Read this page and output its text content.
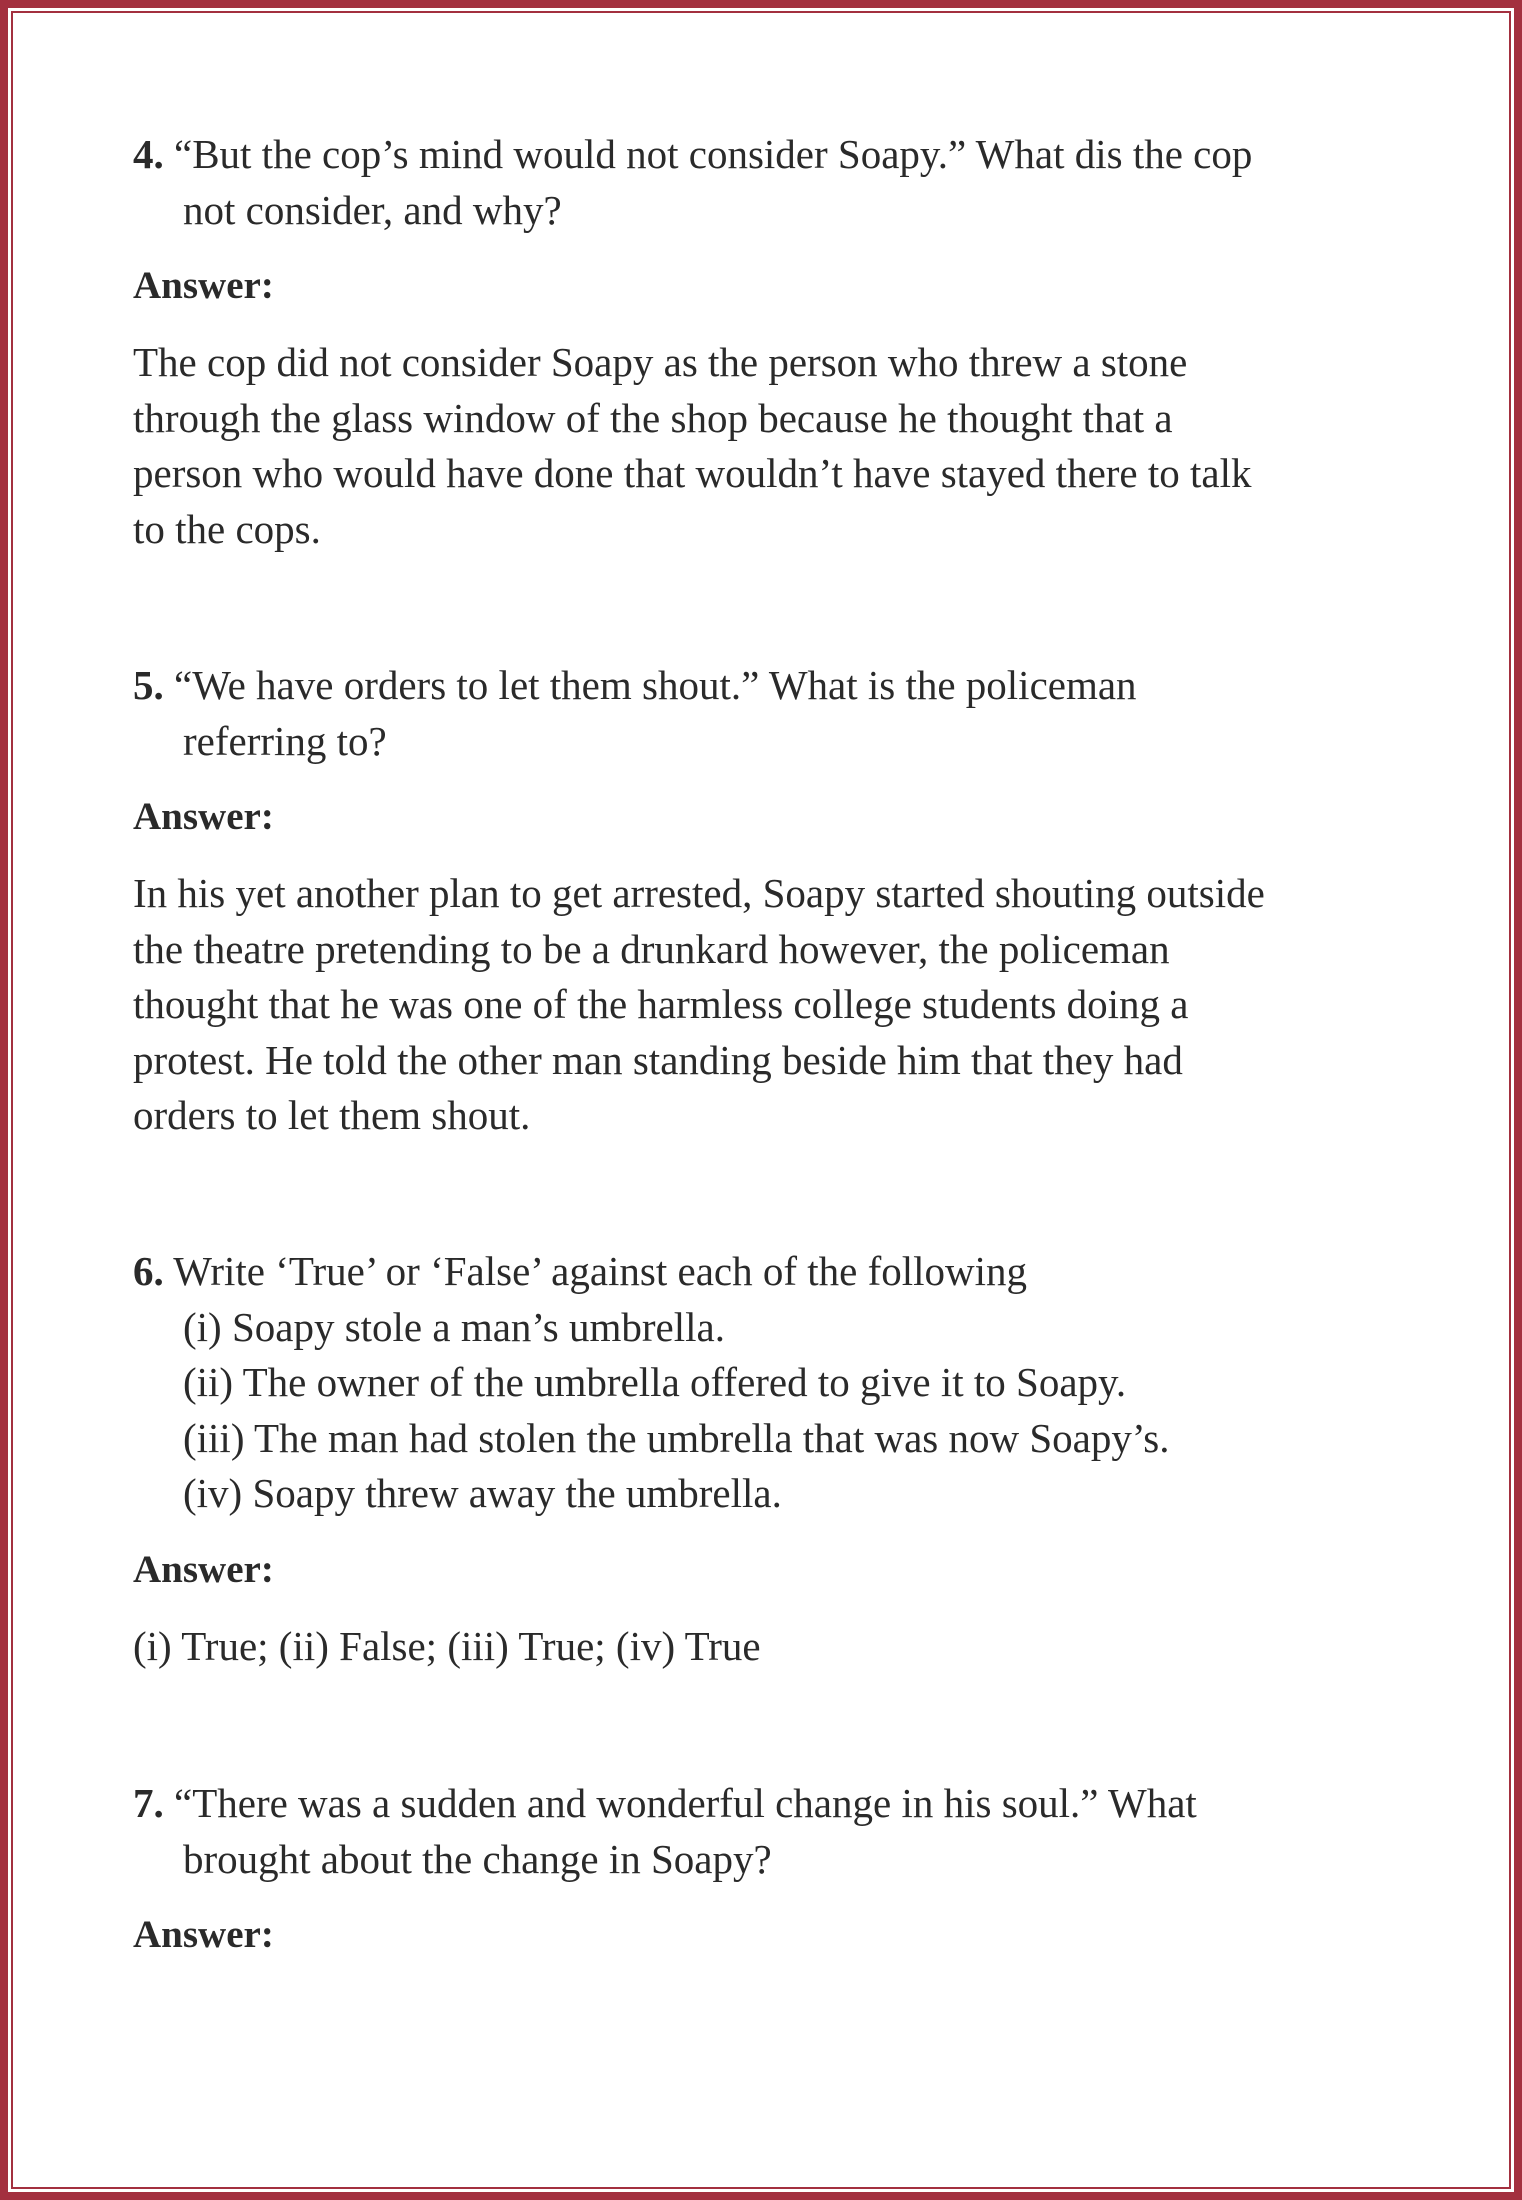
4. “But the cop’s mind would not consider Soapy.” What dis the cop
not consider, and why?
Answer:
The cop did not consider Soapy as the person who threw a stone
through the glass window of the shop because he thought that a
person who would have done that wouldn’t have stayed there to talk
to the cops.
5. “We have orders to let them shout.” What is the policeman
referring to?
Answer:
In his yet another plan to get arrested, Soapy started shouting outside
the theatre pretending to be a drunkard however, the policeman
thought that he was one of the harmless college students doing a
protest. He told the other man standing beside him that they had
orders to let them shout.
6. Write ‘True’ or ‘False’ against each of the following
(i) Soapy stole a man’s umbrella.
(ii) The owner of the umbrella offered to give it to Soapy.
(iii) The man had stolen the umbrella that was now Soapy’s.
(iv) Soapy threw away the umbrella.
Answer:
(i) True; (ii) False; (iii) True; (iv) True
7. “There was a sudden and wonderful change in his soul.” What
brought about the change in Soapy?
Answer:
